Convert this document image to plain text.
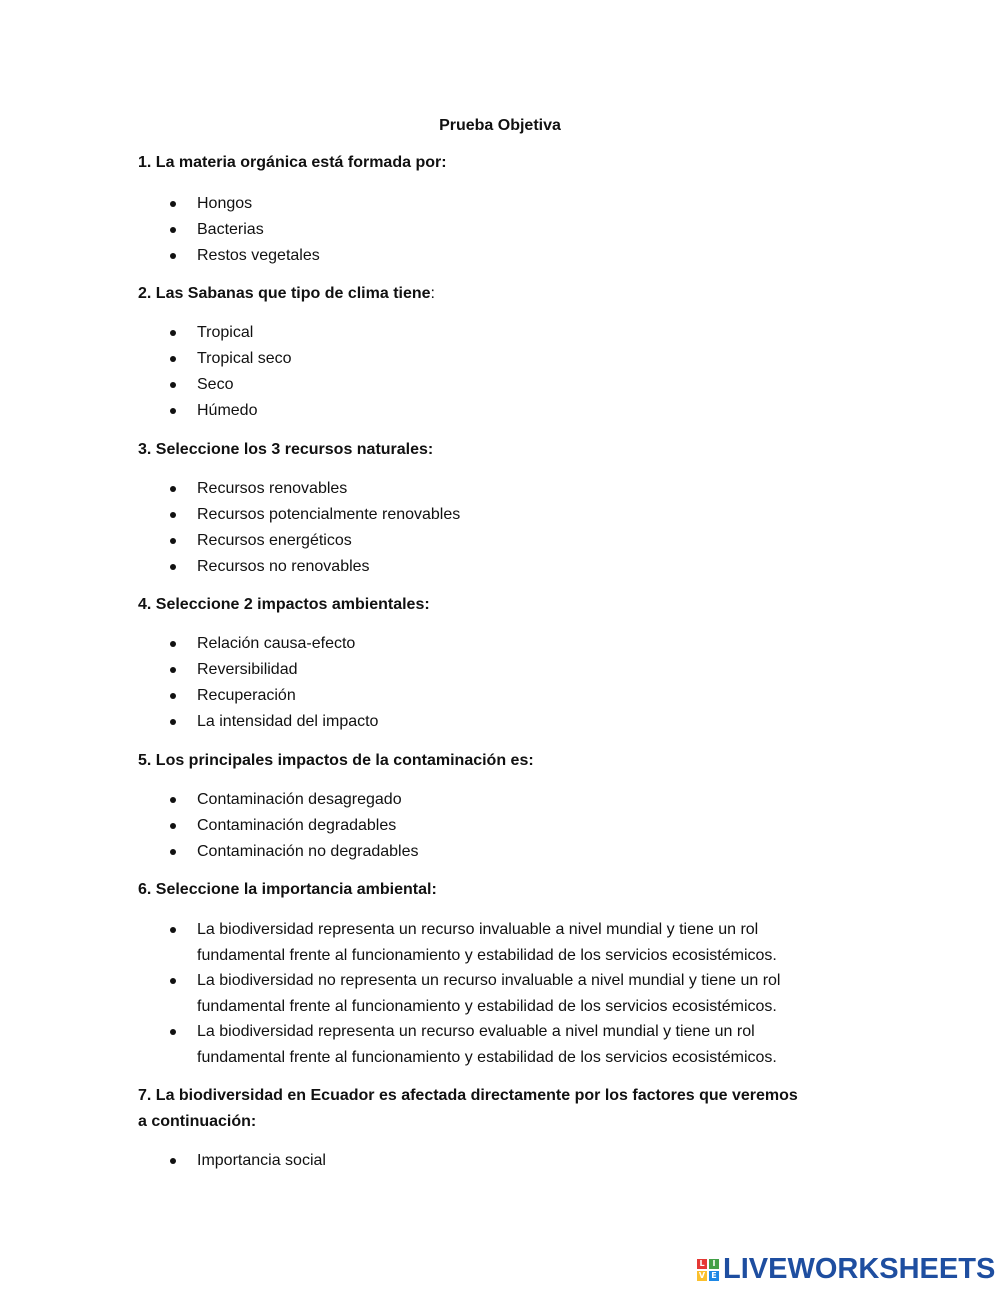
Prueba Objetiva
1. La materia orgánica está formada por:
Hongos
Bacterias
Restos vegetales
2. Las Sabanas que tipo de clima tiene:
Tropical
Tropical seco
Seco
Húmedo
3. Seleccione los 3 recursos naturales:
Recursos renovables
Recursos potencialmente renovables
Recursos energéticos
Recursos no renovables
4. Seleccione 2 impactos ambientales:
Relación causa-efecto
Reversibilidad
Recuperación
La intensidad del impacto
5. Los principales impactos de la contaminación es:
Contaminación desagregado
Contaminación degradables
Contaminación no degradables
6. Seleccione la importancia ambiental:
La biodiversidad representa un recurso invaluable a nivel mundial y tiene un rol fundamental frente al funcionamiento y estabilidad de los servicios ecosistémicos.
La biodiversidad no representa un recurso invaluable a nivel mundial y tiene un rol fundamental frente al funcionamiento y estabilidad de los servicios ecosistémicos.
La biodiversidad representa un recurso evaluable a nivel mundial y tiene un rol fundamental frente al funcionamiento y estabilidad de los servicios ecosistémicos.
7. La biodiversidad en Ecuador es afectada directamente por los factores que veremos a continuación:
Importancia social
L I
V E LIVEWORKSHEETS
